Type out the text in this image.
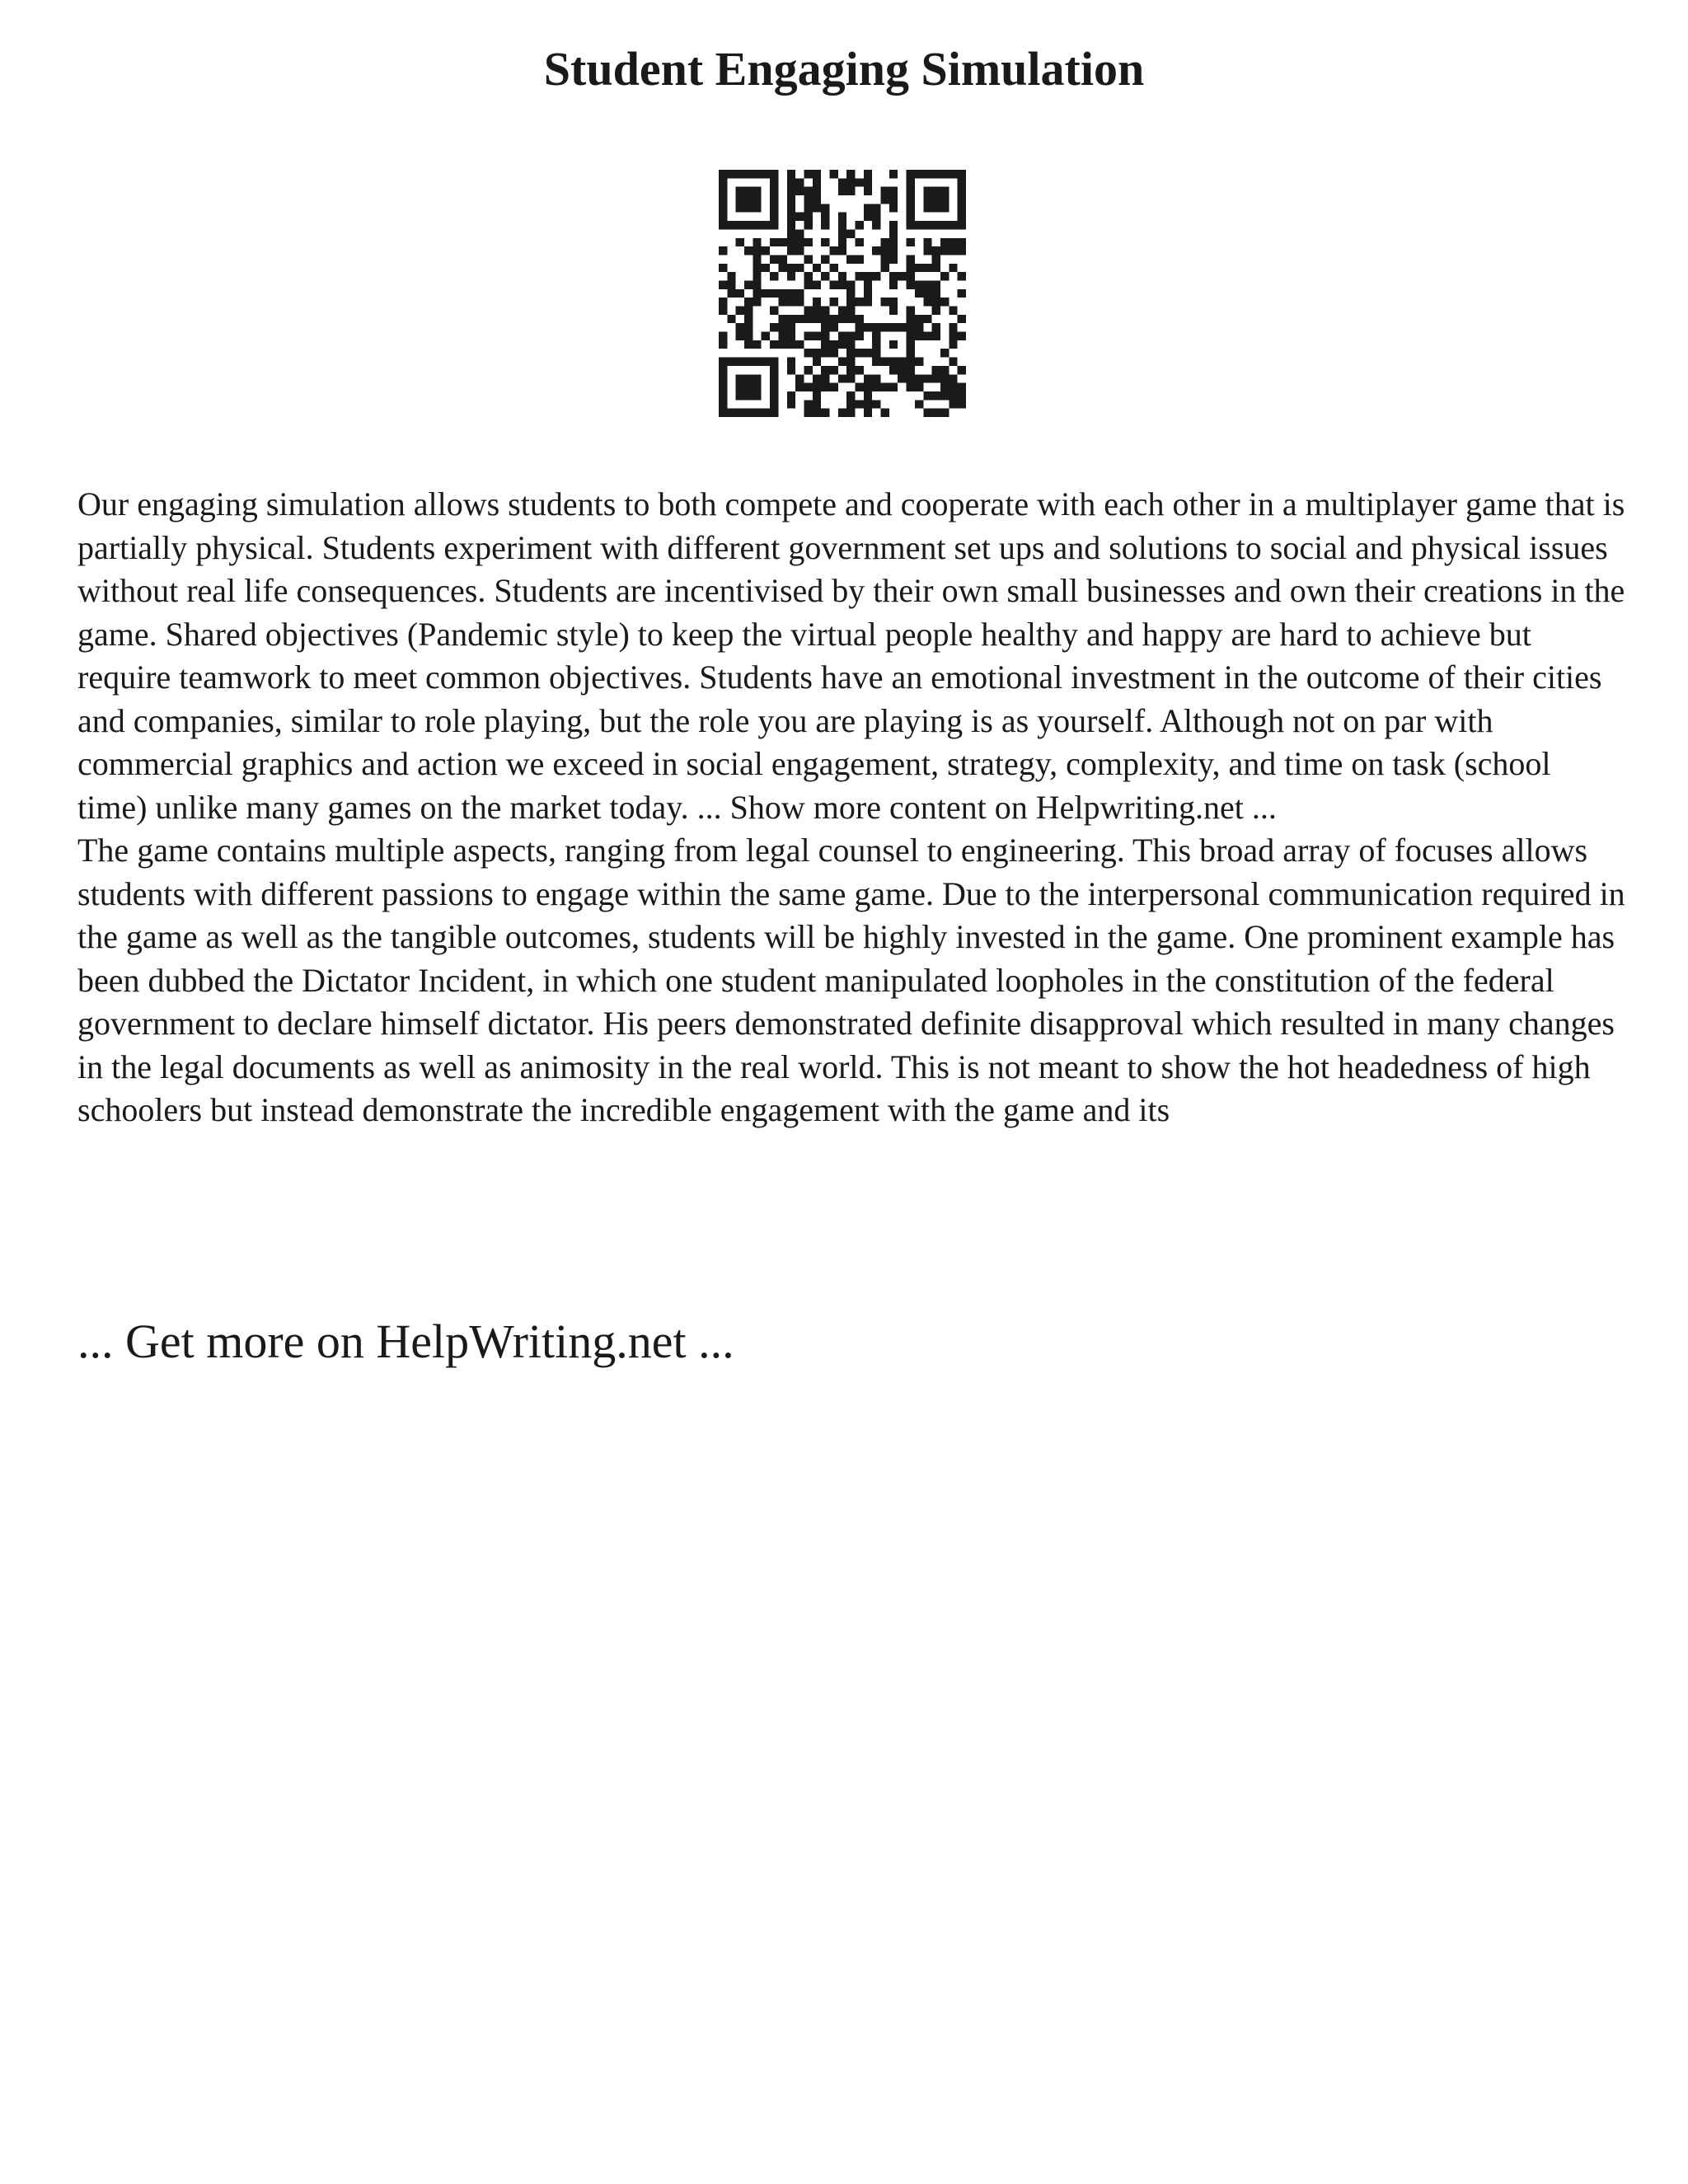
Student Engaging Simulation

Our engaging simulation allows students to both compete and cooperate with each other in a multiplayer game that is partially physical. Students experiment with different government set ups and solutions to social and physical issues without real life consequences. Students are incentivised by their own small businesses and own their creations in the game. Shared objectives (Pandemic style) to keep the virtual people healthy and happy are hard to achieve but require teamwork to meet common objectives. Students have an emotional investment in the outcome of their cities and companies, similar to role playing, but the role you are playing is as yourself. Although not on par with commercial graphics and action we exceed in social engagement, strategy, complexity, and time on task (school time) unlike many games on the market today. ... Show more content on Helpwriting.net ...

The game contains multiple aspects, ranging from legal counsel to engineering. This broad array of focuses allows students with different passions to engage within the same game. Due to the interpersonal communication required in the game as well as the tangible outcomes, students will be highly invested in the game. One prominent example has been dubbed the Dictator Incident, in which one student manipulated loopholes in the constitution of the federal government to declare himself dictator. His peers demonstrated definite disapproval which resulted in many changes in the legal documents as well as animosity in the real world. This is not meant to show the hot headedness of high schoolers but instead demonstrate the incredible engagement with the game and its

... Get more on HelpWriting.net ...
